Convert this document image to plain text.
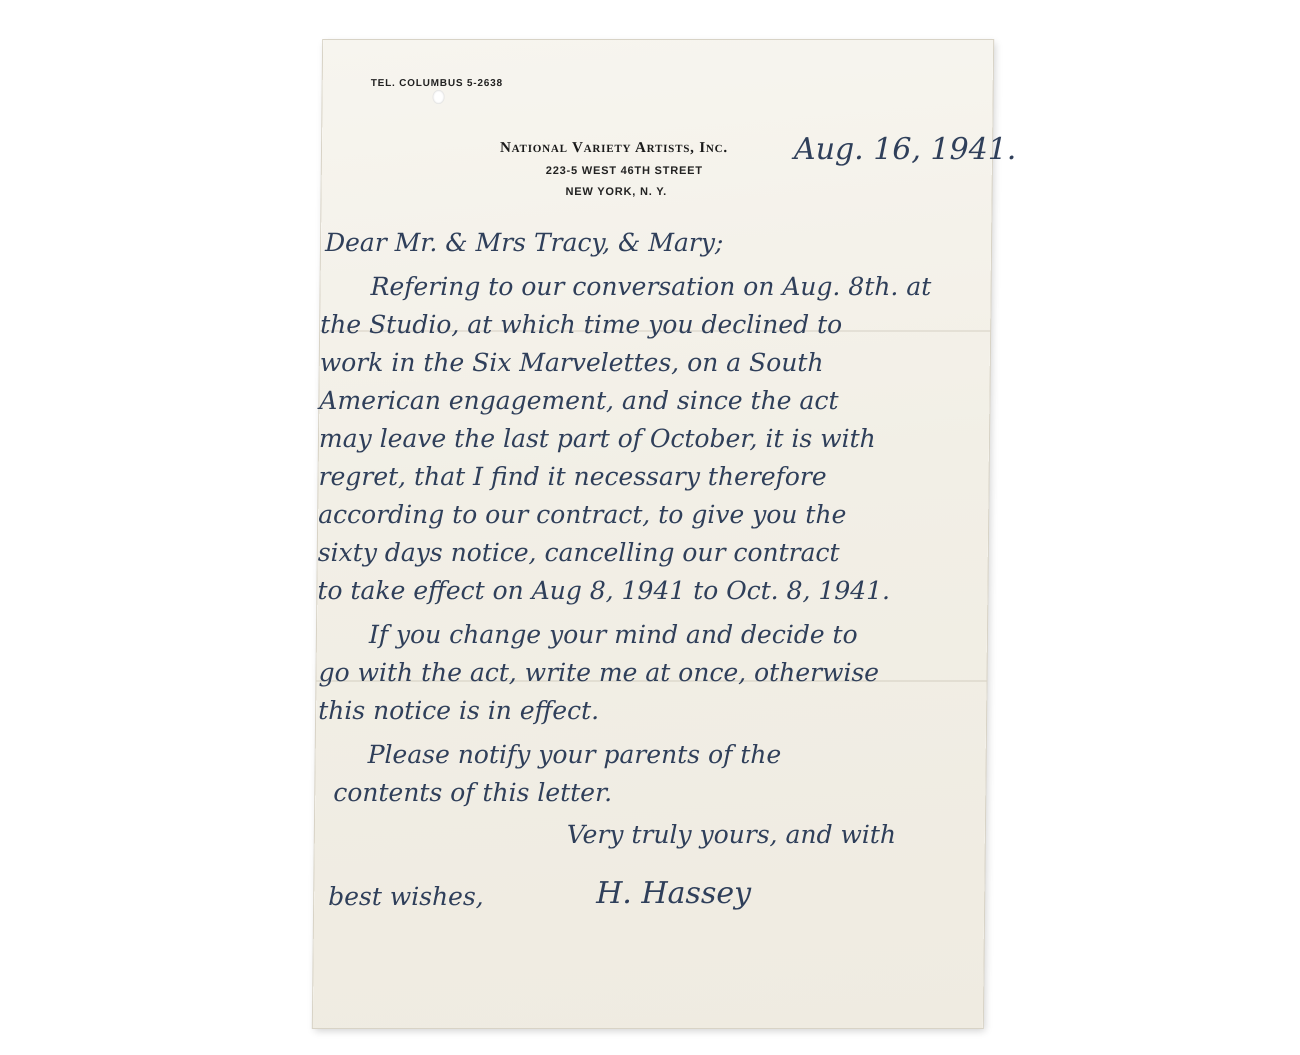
TEL. COLUMBUS 5-2638
National Variety Artists, Inc.
223-5 WEST 46TH STREET
NEW YORK, N. Y.
Aug. 16, 1941.
Dear Mr. & Mrs Tracy, & Mary;
Refering to our conversation on Aug. 8th. at
the Studio, at which time you declined to
work in the Six Marvelettes, on a South
American engagement, and since the act
may leave the last part of October, it is with
regret, that I find it necessary therefore
according to our contract, to give you the
sixty days notice, cancelling our contract
to take effect on Aug 8, 1941 to Oct. 8, 1941.
If you change your mind and decide to
go with the act, write me at once, otherwise
this notice is in effect.
Please notify your parents of the
contents of this letter.
Very truly yours, and with
best wishes,	H. Hassey
